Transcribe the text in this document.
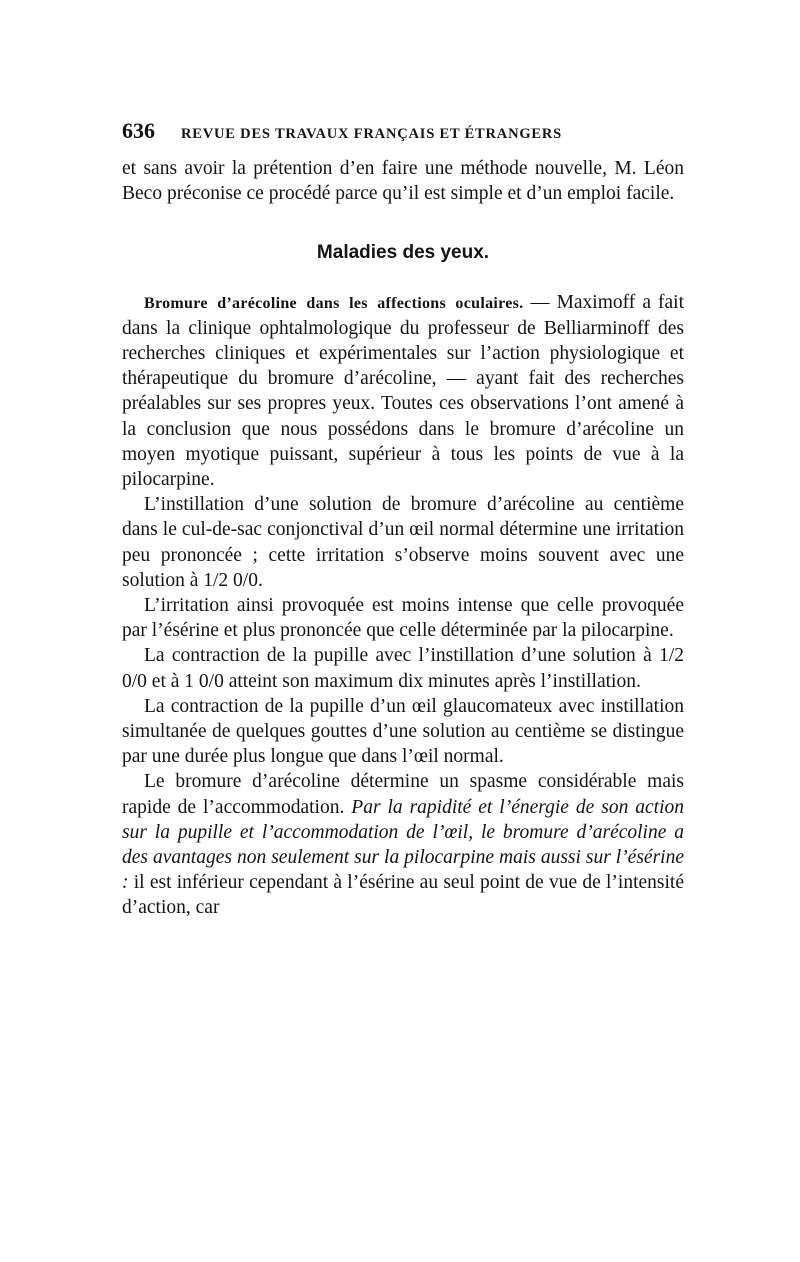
636 REVUE DES TRAVAUX FRANÇAIS ET ÉTRANGERS

et sans avoir la prétention d’en faire une méthode nouvelle, M. Léon Beco préconise ce procédé parce qu’il est simple et d’un emploi facile.

Maladies des yeux.

Bromure d’arécoline dans les affections oculaires. — Maximoff a fait dans la clinique ophtalmologique du professeur de Belliarminoff des recherches cliniques et expérimentales sur l’action physiologique et thérapeutique du bromure d’arécoline, — ayant fait des recherches préalables sur ses propres yeux. Toutes ces observations l’ont amené à la conclusion que nous possédons dans le bromure d’arécoline un moyen myotique puissant, supérieur à tous les points de vue à la pilocarpine.

L’instillation d’une solution de bromure d’arécoline au centième dans le cul-de-sac conjonctival d’un œil normal détermine une irritation peu prononcée ; cette irritation s’observe moins souvent avec une solution à 1/2 0/0.

L’irritation ainsi provoquée est moins intense que celle provoquée par l’ésérine et plus prononcée que celle déterminée par la pilocarpine.

La contraction de la pupille avec l’instillation d’une solution à 1/2 0/0 et à 1 0/0 atteint son maximum dix minutes après l’instillation.

La contraction de la pupille d’un œil glaucomateux avec instillation simultanée de quelques gouttes d’une solution au centième se distingue par une durée plus longue que dans l’œil normal.

Le bromure d’arécoline détermine un spasme considérable mais rapide de l’accommodation. Par la rapidité et l’énergie de son action sur la pupille et l’accommodation de l’œil, le bromure d’arécoline a des avantages non seulement sur la pilocarpine mais aussi sur l’ésérine : il est inférieur cependant à l’ésérine au seul point de vue de l’intensité d’action, car
